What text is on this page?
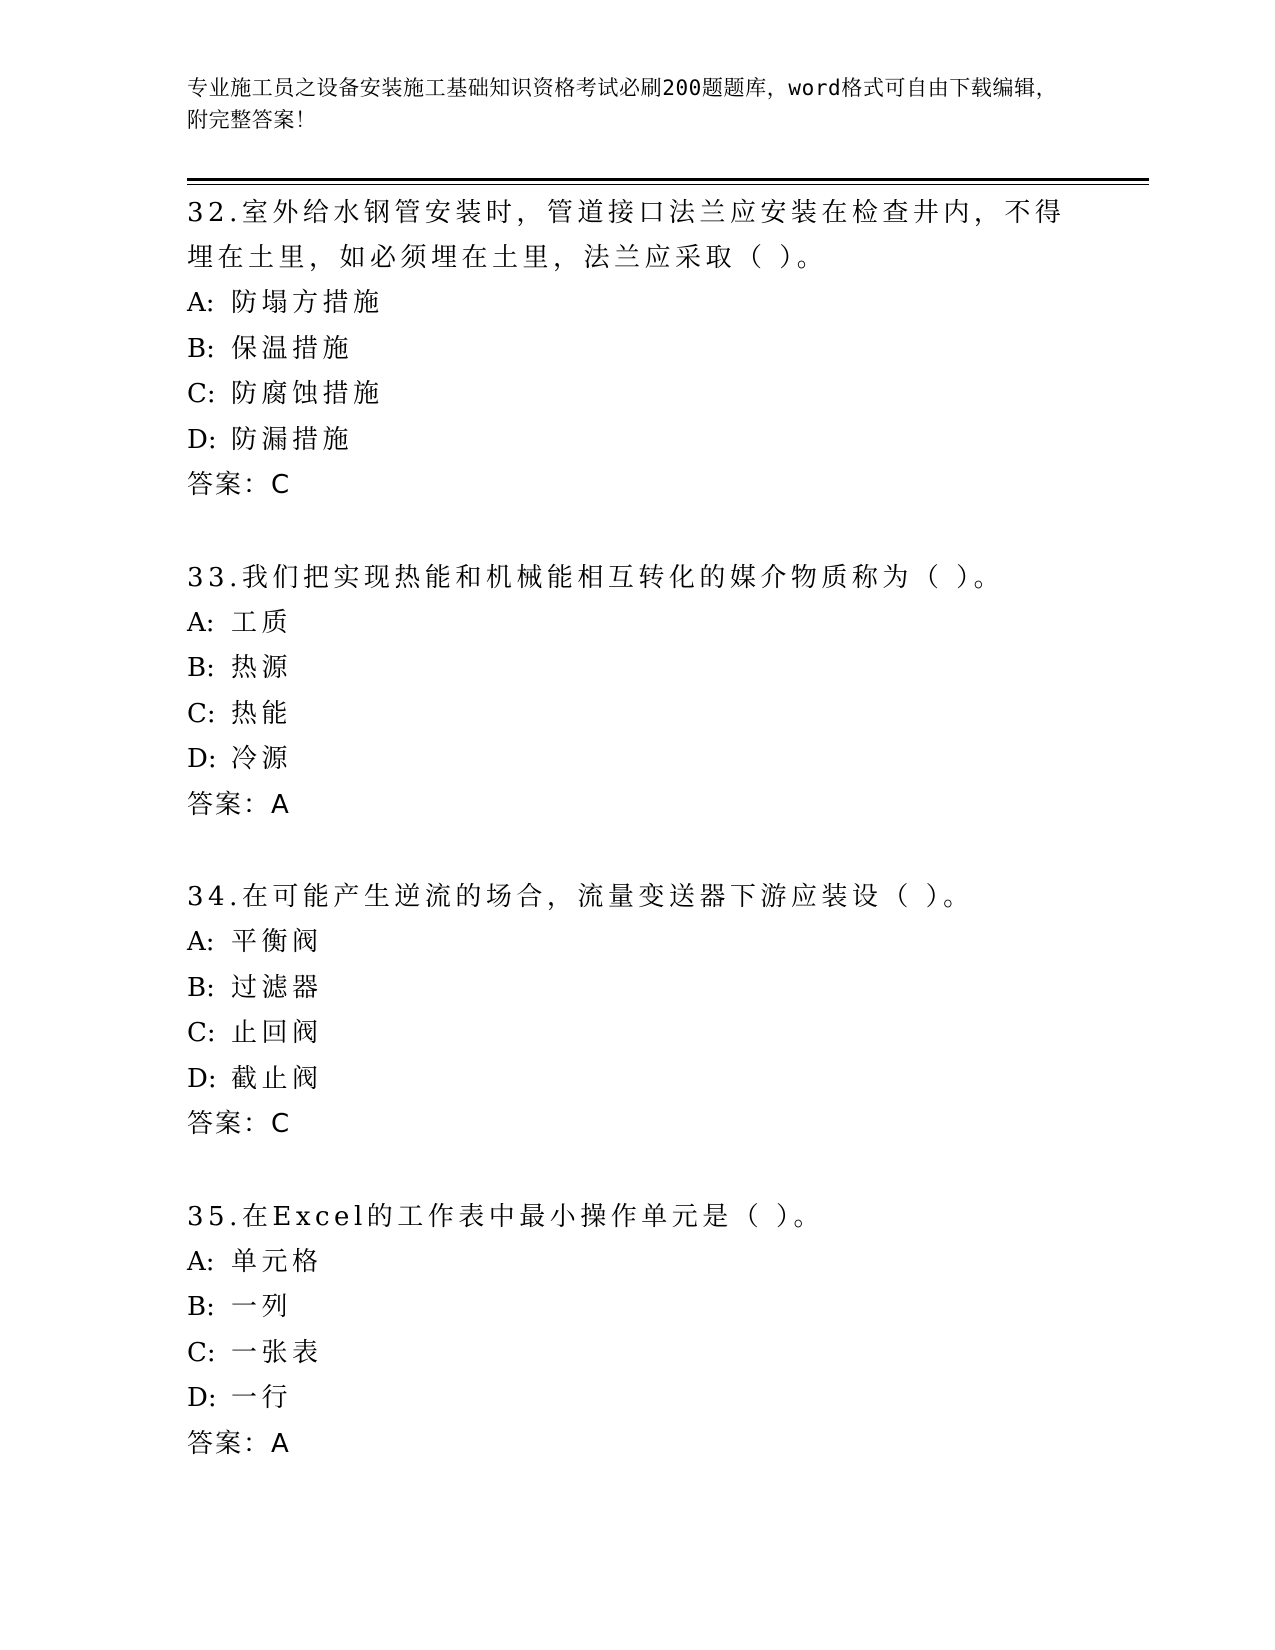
专业施工员之设备安装施工基础知识资格考试必刷200题题库，word格式可自由下载编辑，附完整答案！
32.室外给水钢管安装时，管道接口法兰应安装在检查井内，不得埋在土里，如必须埋在土里，法兰应采取（ ）。
A: 防塌方措施
B: 保温措施
C: 防腐蚀措施
D: 防漏措施
答案：C
33.我们把实现热能和机械能相互转化的媒介物质称为（ ）。
A: 工质
B: 热源
C: 热能
D: 冷源
答案：A
34.在可能产生逆流的场合，流量变送器下游应装设（ ）。
A: 平衡阀
B: 过滤器
C: 止回阀
D: 截止阀
答案：C
35.在Excel的工作表中最小操作单元是（ ）。
A: 单元格
B: 一列
C: 一张表
D: 一行
答案：A
